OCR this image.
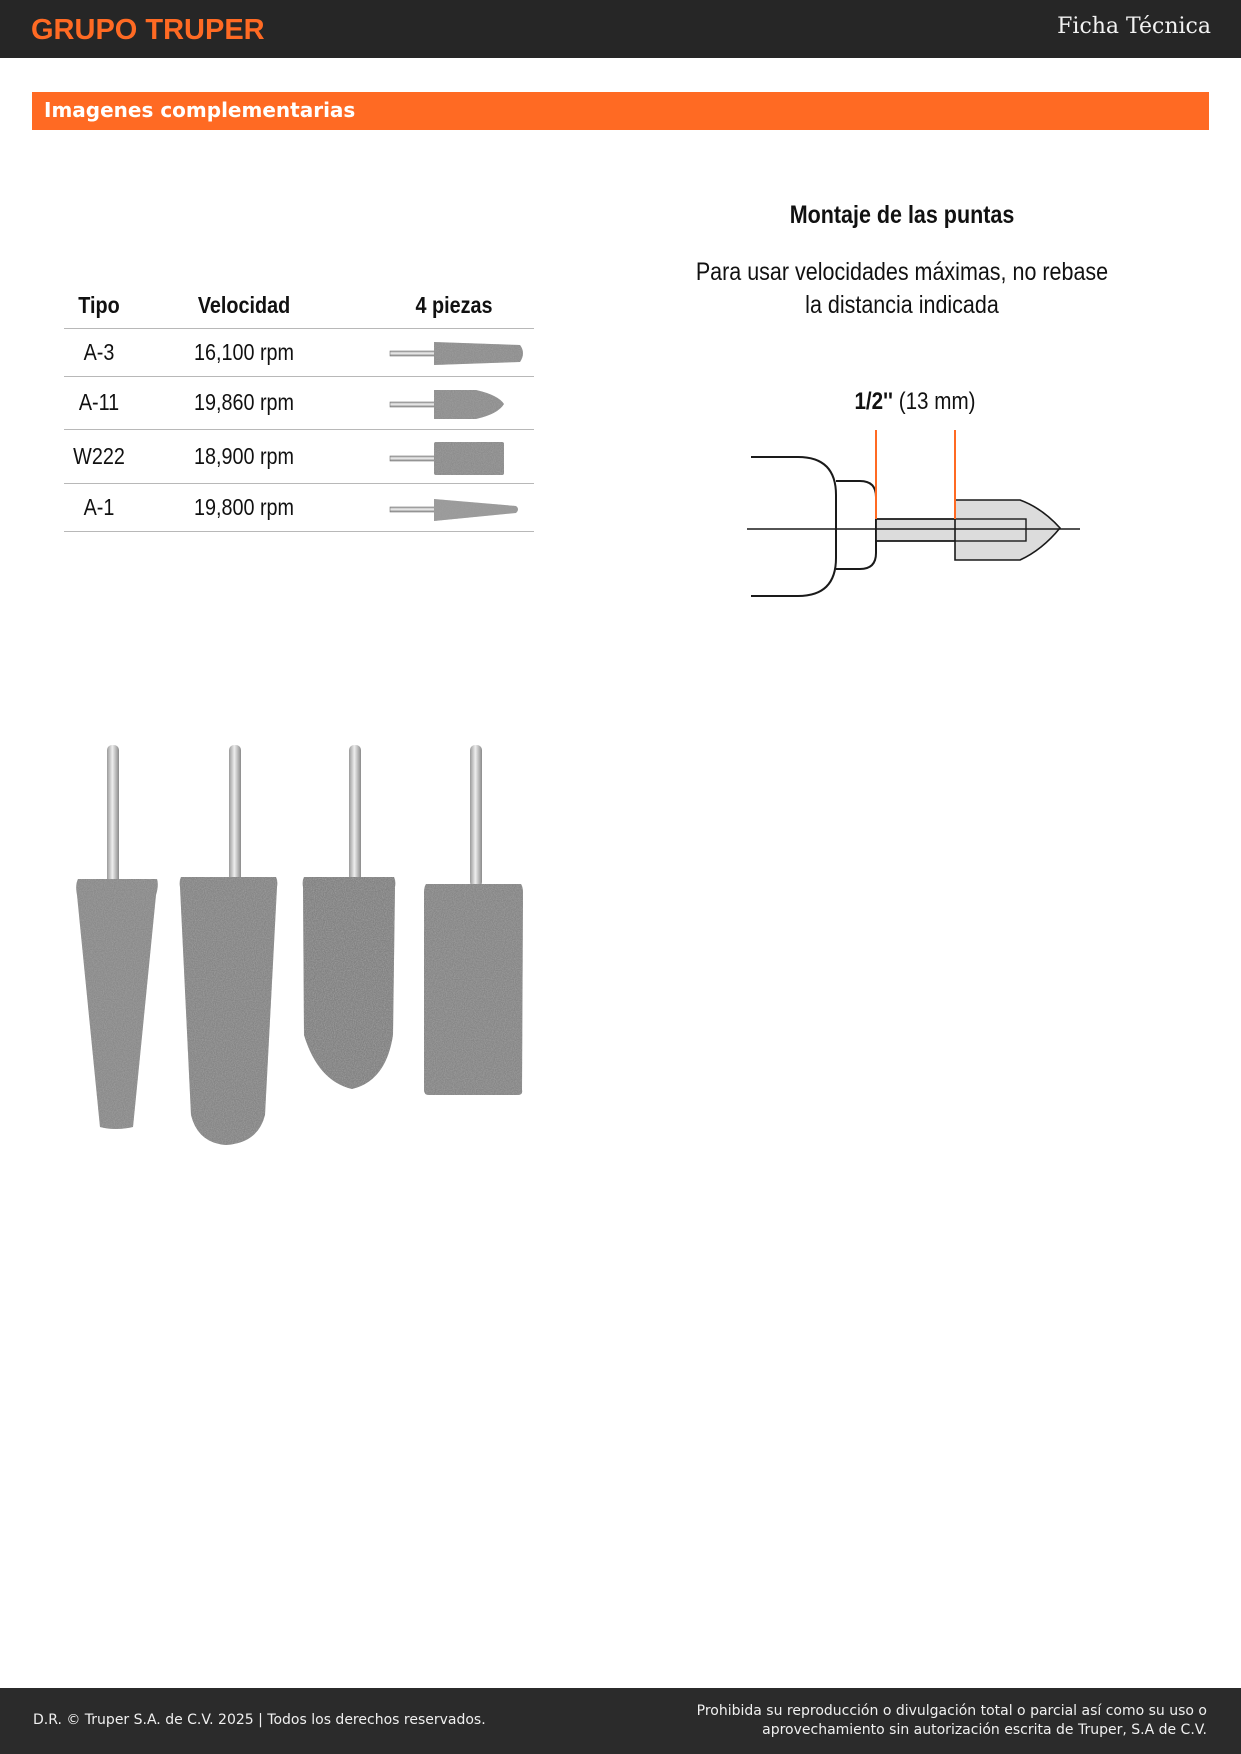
GRUPO TRUPER	Ficha Técnica
Imagenes complementarias
Tipo	Velocidad	4 piezas
A-3	16,100 rpm
A-11	19,860 rpm
W222	18,900 rpm
A-1	19,800 rpm
Montaje de las puntas
Para usar velocidades máximas, no rebase
la distancia indicada
1/2'' (13 mm)
D.R. © Truper S.A. de C.V. 2025 | Todos los derechos reservados.
Prohibida su reproducción o divulgación total o parcial así como su uso o
aprovechamiento sin autorización escrita de Truper, S.A de C.V.
